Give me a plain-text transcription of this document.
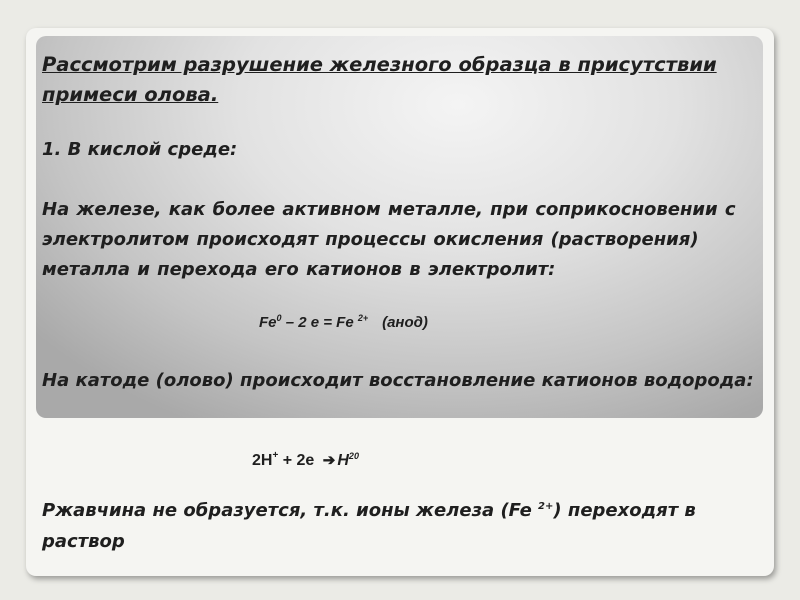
Рассмотрим разрушение железного образца в присутствии примеси олова.
1. В кислой среде:
На железе, как более активном металле, при соприкосновении с электролитом происходят процессы окисления (растворения) металла и перехода его катионов в электролит:
Fe$^0$ – 2 е = Fe $^{2+}$ (анод)
На катоде (олово) происходит восстановление катионов водорода:
2H+ + 2e ➔ $H^{20}$
Ржавчина не образуется, т.к. ионы железа (Fe $^{2+}$) переходят в раствор
